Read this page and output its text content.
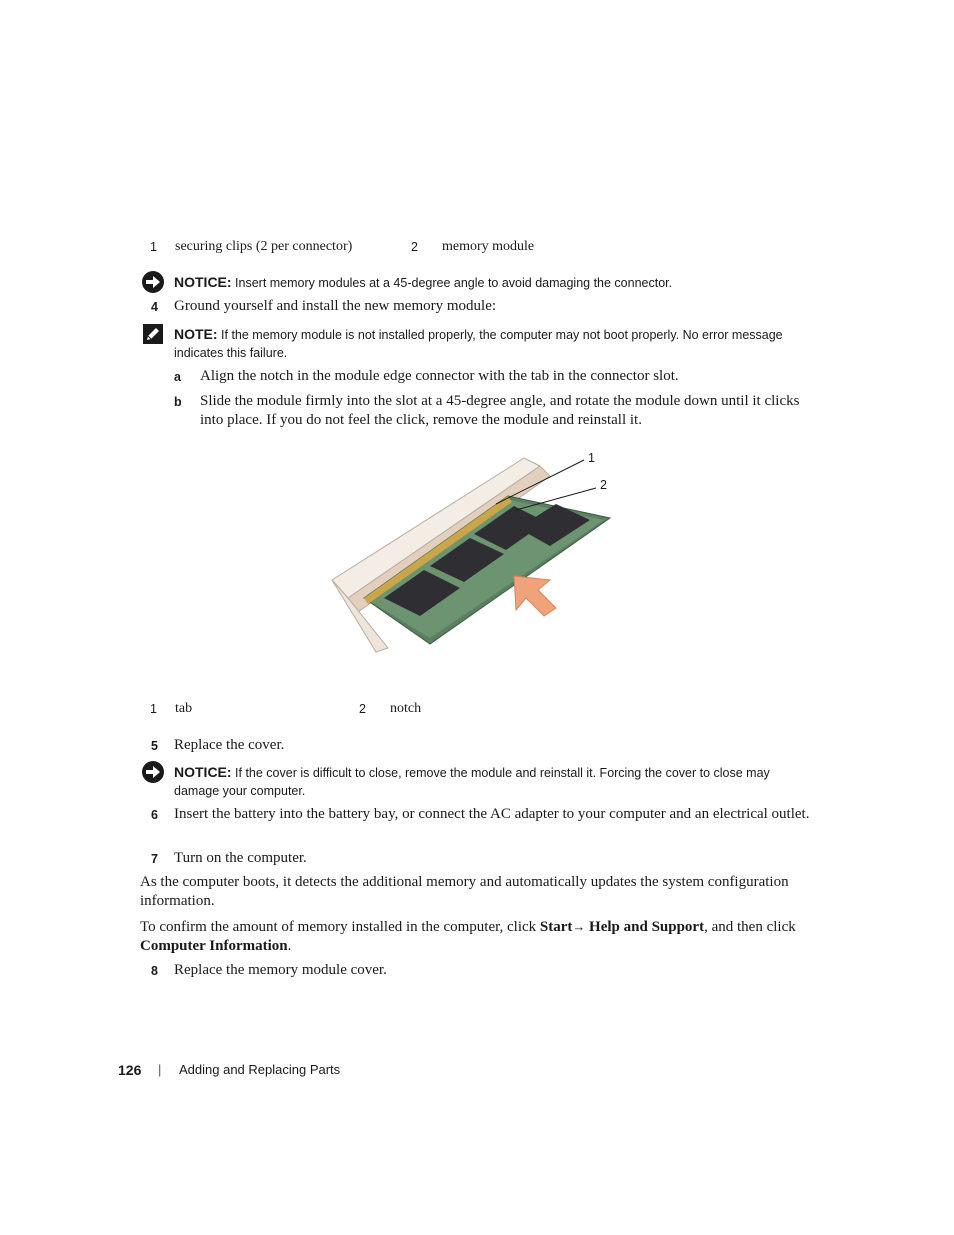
1 securing clips (2 per connector)	2 memory module
NOTICE: Insert memory modules at a 45-degree angle to avoid damaging the connector.
4 Ground yourself and install the new memory module:
NOTE: If the memory module is not installed properly, the computer may not boot properly. No error message indicates this failure.
a Align the notch in the module edge connector with the tab in the connector slot.
b Slide the module firmly into the slot at a 45-degree angle, and rotate the module down until it clicks into place. If you do not feel the click, remove the module and reinstall it.
1
2
1 tab	2 notch
5 Replace the cover.
NOTICE: If the cover is difficult to close, remove the module and reinstall it. Forcing the cover to close may damage your computer.
6 Insert the battery into the battery bay, or connect the AC adapter to your computer and an electrical outlet.
7 Turn on the computer.
As the computer boots, it detects the additional memory and automatically updates the system configuration information.
To confirm the amount of memory installed in the computer, click Start→ Help and Support, and then click Computer Information.
8 Replace the memory module cover.
126 | Adding and Replacing Parts
